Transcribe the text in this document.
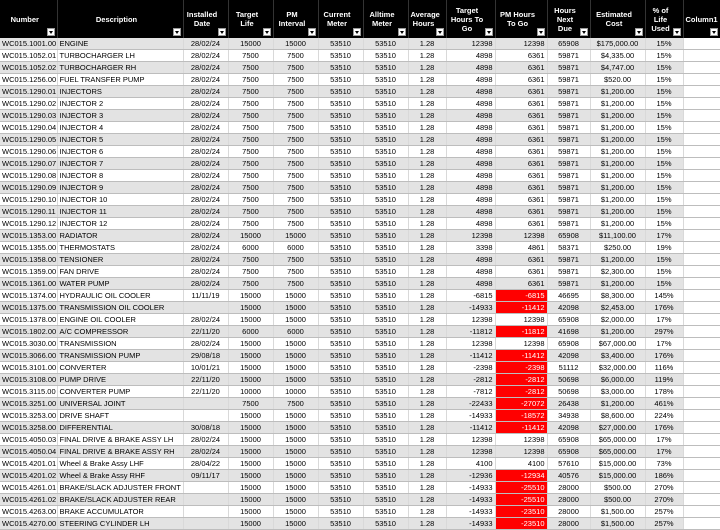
Number	Description	Installed Date	Target Life	PM Interval	Current Meter	Alltime Meter	Average Hours	Target Hours To Go	PM Hours To Go	Hours Next Due	Estimated Cost	% of Life Used	Column1

WC015.1001.00	ENGINE	28/02/24	15000	15000	53510	53510	1.28	12398	12398	65908	$175,000.00	15%	
WC015.1052.01	TURBOCHARGER LH	28/02/24	7500	7500	53510	53510	1.28	4898	6361	59871	$4,335.00	15%	
WC015.1052.02	TURBOCHARGER RH	28/02/24	7500	7500	53510	53510	1.28	4898	6361	59871	$4,747.00	15%	
WC015.1256.00	FUEL TRANSFER PUMP	28/02/24	7500	7500	53510	53510	1.28	4898	6361	59871	$520.00	15%	
WC015.1290.01	INJECTORS	28/02/24	7500	7500	53510	53510	1.28	4898	6361	59871	$1,200.00	15%	
WC015.1290.02	INJECTOR 2	28/02/24	7500	7500	53510	53510	1.28	4898	6361	59871	$1,200.00	15%	
WC015.1290.03	INJECTOR 3	28/02/24	7500	7500	53510	53510	1.28	4898	6361	59871	$1,200.00	15%	
WC015.1290.04	INJECTOR 4	28/02/24	7500	7500	53510	53510	1.28	4898	6361	59871	$1,200.00	15%	
WC015.1290.05	INJECTOR 5	28/02/24	7500	7500	53510	53510	1.28	4898	6361	59871	$1,200.00	15%	
WC015.1290.06	INJECTOR 6	28/02/24	7500	7500	53510	53510	1.28	4898	6361	59871	$1,200.00	15%	
WC015.1290.07	INJECTOR 7	28/02/24	7500	7500	53510	53510	1.28	4898	6361	59871	$1,200.00	15%	
WC015.1290.08	INJECTOR 8	28/02/24	7500	7500	53510	53510	1.28	4898	6361	59871	$1,200.00	15%	
WC015.1290.09	INJECTOR 9	28/02/24	7500	7500	53510	53510	1.28	4898	6361	59871	$1,200.00	15%	
WC015.1290.10	INJECTOR 10	28/02/24	7500	7500	53510	53510	1.28	4898	6361	59871	$1,200.00	15%	
WC015.1290.11	INJECTOR 11	28/02/24	7500	7500	53510	53510	1.28	4898	6361	59871	$1,200.00	15%	
WC015.1290.12	INJECTOR 12	28/02/24	7500	7500	53510	53510	1.28	4898	6361	59871	$1,200.00	15%	
WC015.1353.00	RADIATOR	28/02/24	15000	15000	53510	53510	1.28	12398	12398	65908	$11,100.00	17%	
WC015.1355.00	THERMOSTATS	28/02/24	6000	6000	53510	53510	1.28	3398	4861	58371	$250.00	19%	
WC015.1358.00	TENSIONER	28/02/24	7500	7500	53510	53510	1.28	4898	6361	59871	$1,200.00	15%	
WC015.1359.00	FAN DRIVE	28/02/24	7500	7500	53510	53510	1.28	4898	6361	59871	$2,300.00	15%	
WC015.1361.00	WATER PUMP	28/02/24	7500	7500	53510	53510	1.28	4898	6361	59871	$1,200.00	15%	
WC015.1374.00	HYDRAULIC OIL COOLER	11/11/19	15000	15000	53510	53510	1.28	-6815	-6815	46695	$8,300.00	145%	
WC015.1375.00	TRANSMISSION OIL COOLER		15000	15000	53510	53510	1.28	-14933	-11412	42098	$2,453.00	176%	
WC015.1378.00	ENGINE OIL COOLER	28/02/24	15000	15000	53510	53510	1.28	12398	12398	65908	$2,000.00	17%	
WC015.1802.00	A/C COMPRESSOR	22/11/20	6000	6000	53510	53510	1.28	-11812	-11812	41698	$1,200.00	297%	
WC015.3030.00	TRANSMISSION	28/02/24	15000	15000	53510	53510	1.28	12398	12398	65908	$67,000.00	17%	
WC015.3066.00	TRANSMISSION PUMP	29/08/18	15000	15000	53510	53510	1.28	-11412	-11412	42098	$3,400.00	176%	
WC015.3101.00	CONVERTER	10/01/21	15000	15000	53510	53510	1.28	-2398	-2398	51112	$32,000.00	116%	
WC015.3108.00	PUMP DRIVE	22/11/20	15000	15000	53510	53510	1.28	-2812	-2812	50698	$6,000.00	119%	
WC015.3115.00	CONVERTER PUMP	22/11/20	10000	10000	53510	53510	1.28	-7812	-2812	50698	$3,000.00	178%	
WC015.3251.00	UNIVERSAL JOINT		7500	7500	53510	53510	1.28	-22433	-27072	26438	$1,200.00	461%	
WC015.3253.00	DRIVE SHAFT		15000	15000	53510	53510	1.28	-14933	-18572	34938	$8,600.00	224%	
WC015.3258.00	DIFFERENTIAL	30/08/18	15000	15000	53510	53510	1.28	-11412	-11412	42098	$27,000.00	176%	
WC015.4050.03	FINAL DRIVE & BRAKE ASSY LH	28/02/24	15000	15000	53510	53510	1.28	12398	12398	65908	$65,000.00	17%	
WC015.4050.04	FINAL DRIVE & BRAKE ASSY RH	28/02/24	15000	15000	53510	53510	1.28	12398	12398	65908	$65,000.00	17%	
WC015.4201.01	Wheel & Brake Assy LHF	28/04/22	15000	15000	53510	53510	1.28	4100	4100	57610	$15,000.00	73%	
WC015.4201.02	Wheel & Brake Assy RHF	09/11/17	15000	15000	53510	53510	1.28	-12936	-12934	40576	$15,000.00	186%	
WC015.4261.01	BRAKE/SLACK ADJUSTER FRONT		15000	15000	53510	53510	1.28	-14933	-25510	28000	$500.00	270%	
WC015.4261.02	BRAKE/SLACK ADJUSTER REAR		15000	15000	53510	53510	1.28	-14933	-25510	28000	$500.00	270%	
WC015.4263.00	BRAKE ACCUMULATOR		15000	15000	53510	53510	1.28	-14933	-23510	28000	$1,500.00	257%	
WC015.4270.00	STEERING CYLINDER LH		15000	15000	53510	53510	1.28	-14933	-23510	28000	$1,500.00	257%	
